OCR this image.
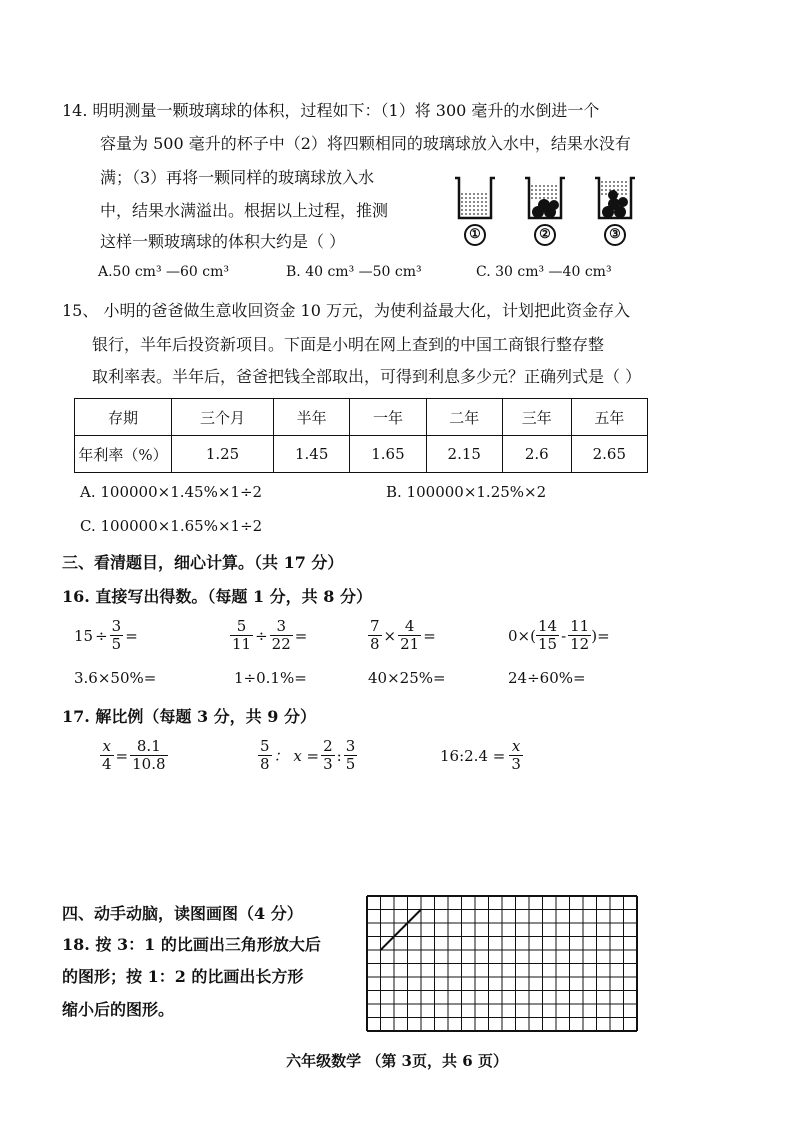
14. 明明测量一颗玻璃球的体积，过程如下：（1）将 300 毫升的水倒进一个
容量为 500 毫升的杯子中（2）将四颗相同的玻璃球放入水中，结果水没有
满；（3）再将一颗同样的玻璃球放入水
中，结果水满溢出。根据以上过程，推测
这样一颗玻璃球的体积大约是（ ）	①	②	③
A.50 cm³ —60 cm³	B. 40 cm³ —50 cm³	C. 30 cm³ —40 cm³
15、 小明的爸爸做生意收回资金 10 万元，为使利益最大化，计划把此资金存入
银行，半年后投资新项目。下面是小明在网上查到的中国工商银行整存整
取利率表。半年后，爸爸把钱全部取出，可得到利息多少元？正确列式是（ ）
存期	三个月	半年	一年	二年	三年	五年
年利率（%）	1.25	1.45	1.65	2.15	2.6	2.65
A. 100000×1.45%×1÷2	B. 100000×1.25%×2
C. 100000×1.65%×1÷2
三、看清题目，细心计算。（共 17 分）
16. 直接写出得数。（每题 1 分，共 8 分）
$15 \div \frac{3}{5}$ =	$\frac{5}{11} \div \frac{3}{22}$ =	$\frac{7}{8} \times \frac{4}{21}$ =	$0\times( \frac{14}{15} - \frac{11}{12}$ )=
3.6×50%=	1÷0.1%=	40×25%=	24÷60%=
17. 解比例（每题 3 分，共 9 分）
$\frac{x}{4} = \frac{8.1}{10.8}$	$\frac{5}{8}$ ： $x = \frac{2}{3}$ : $\frac{3}{5}$	16:2.4 = $\frac{x}{3}$
四、动手动脑，读图画图（4 分）
18. 按 3：1 的比画出三角形放大后
的图形；按 1：2 的比画出长方形
缩小后的图形。
六年级数学 （第 3页，共 6 页）
